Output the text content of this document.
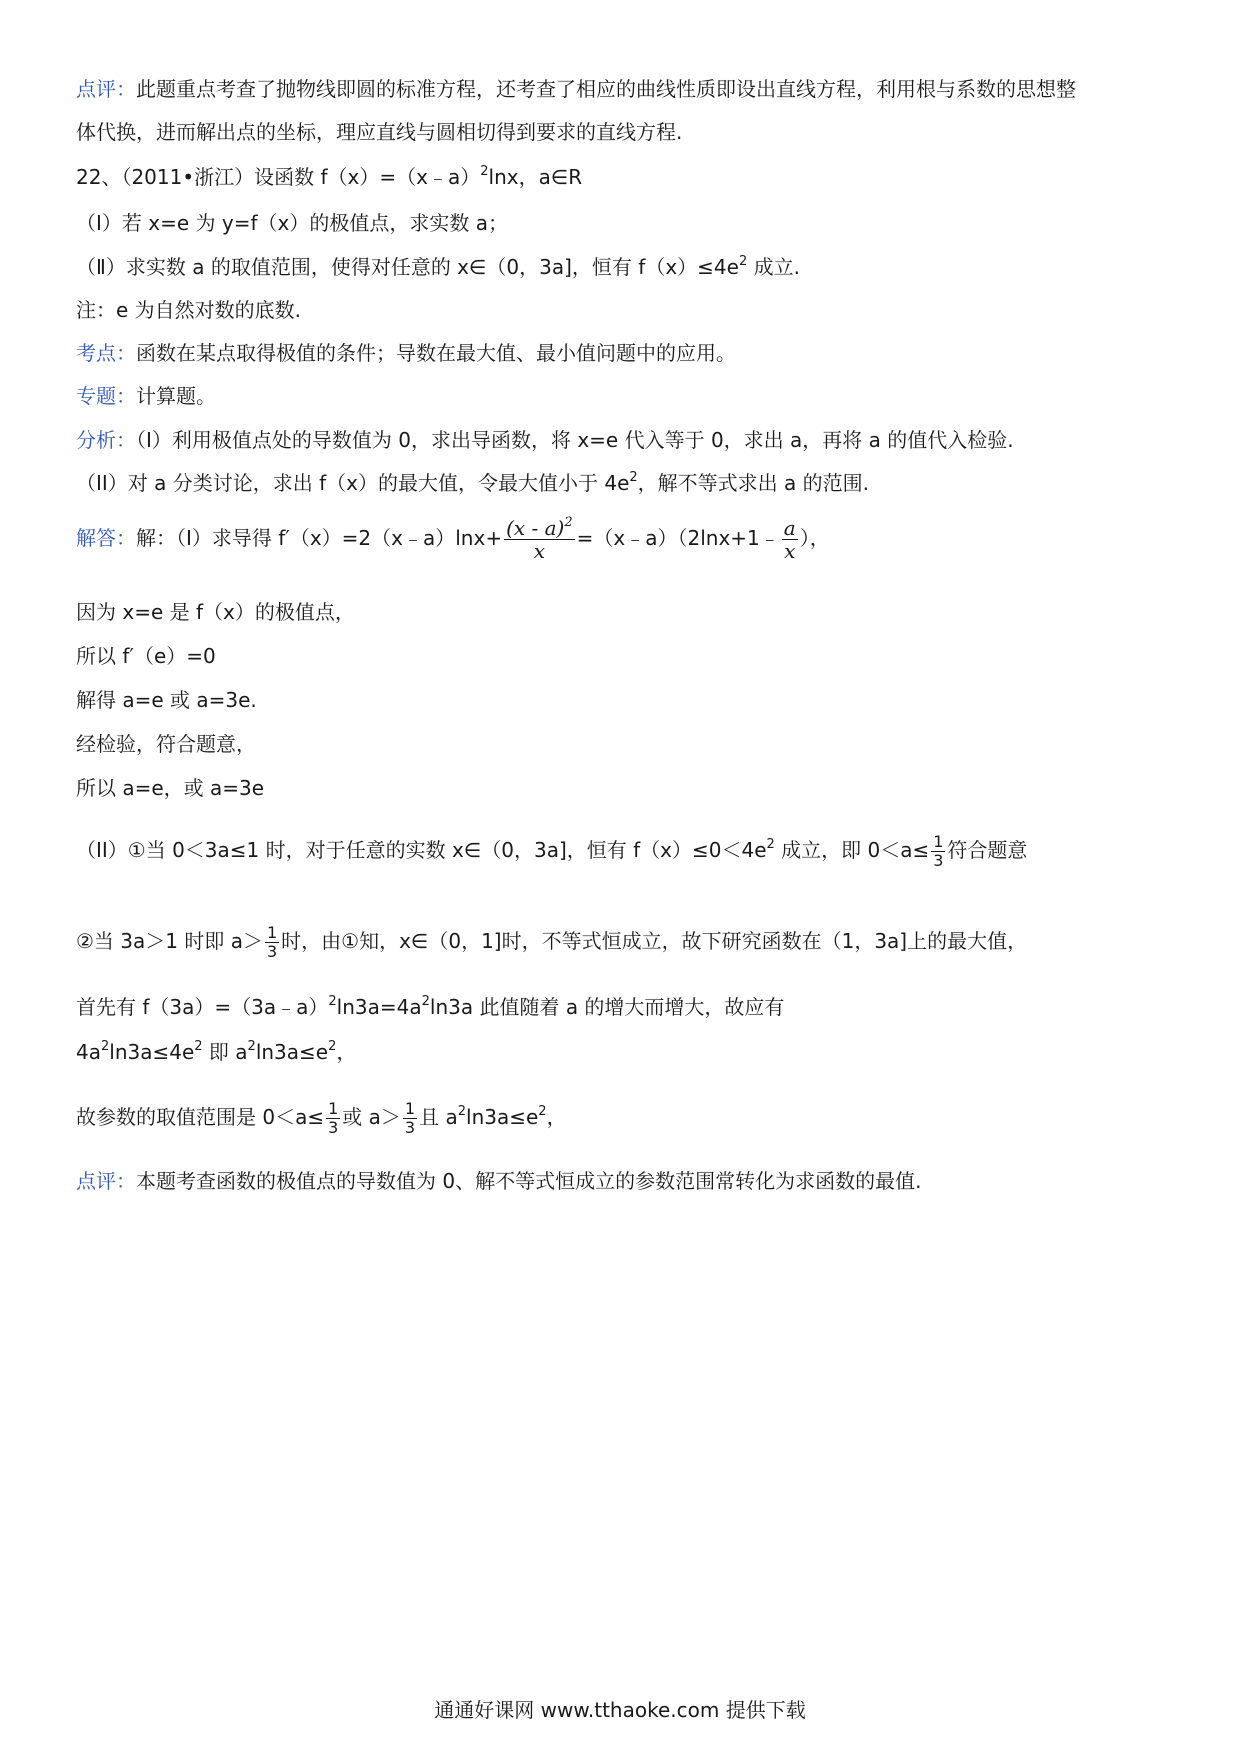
点评：此题重点考查了抛物线即圆的标准方程，还考查了相应的曲线性质即设出直线方程，利用根与系数的思想整
体代换，进而解出点的坐标，理应直线与圆相切得到要求的直线方程.
22、（2011•浙江）设函数 f（x）=（x﹣a）$^2$lnx，a∈R
（Ⅰ）若 x=e 为 y=f（x）的极值点，求实数 a；
（Ⅱ）求实数 a 的取值范围，使得对任意的 x∈（0，3a]，恒有 $f(x)\le 4e^2$ 成立.
注：e 为自然对数的底数.
考点：函数在某点取得极值的条件；导数在最大值、最小值问题中的应用。
专题：计算题。
分析：（I）利用极值点处的导数值为 0，求出导函数，将 x=e 代入等于 0，求出 a，再将 a 的值代入检验.
（II）对 a 分类讨论，求出 f（x）的最大值，令最大值小于 $4e^2$，解不等式求出 a 的范围.
解答：解：（I）求导得 f′（x）=2（x﹣a）lnx+ $\frac{(x - a)^2}{x}$ =（x﹣a）（2lnx+1﹣ $\frac{a}{x}$ ），
因为 x=e 是 f（x）的极值点，
所以 f′（e）=0
解得 a=e 或 a=3e.
经检验，符合题意，
所以 a=e，或 a=3e
（II）①当 0＜3a≤1 时，对于任意的实数 x∈（0，3a]，恒有 $f(x)\le 0<4e^2$ 成立，即 $0<a\le \frac{1}{3}$ 符合题意
②当 3a＞1 时即 $a> \frac{1}{3}$ 时，由①知，x∈（0，1]时，不等式恒成立，故下研究函数在（1，3a]上的最大值，
首先有 $f(3a)=(3a﹣a)^2\ln 3a=4a^2\ln 3a$ 此值随着 a 的增大而增大，故应有
$4a^2\ln 3a\le 4e^2$ 即 $a^2\ln 3a\le e^2$，
故参数的取值范围是 $0<a\le \frac{1}{3}$ 或 $a> \frac{1}{3}$ 且 $a^2\ln 3a\le e^2$，
点评：本题考查函数的极值点的导数值为 0、解不等式恒成立的参数范围常转化为求函数的最值.
通通好课网 www.tthaoke.com 提供下载
